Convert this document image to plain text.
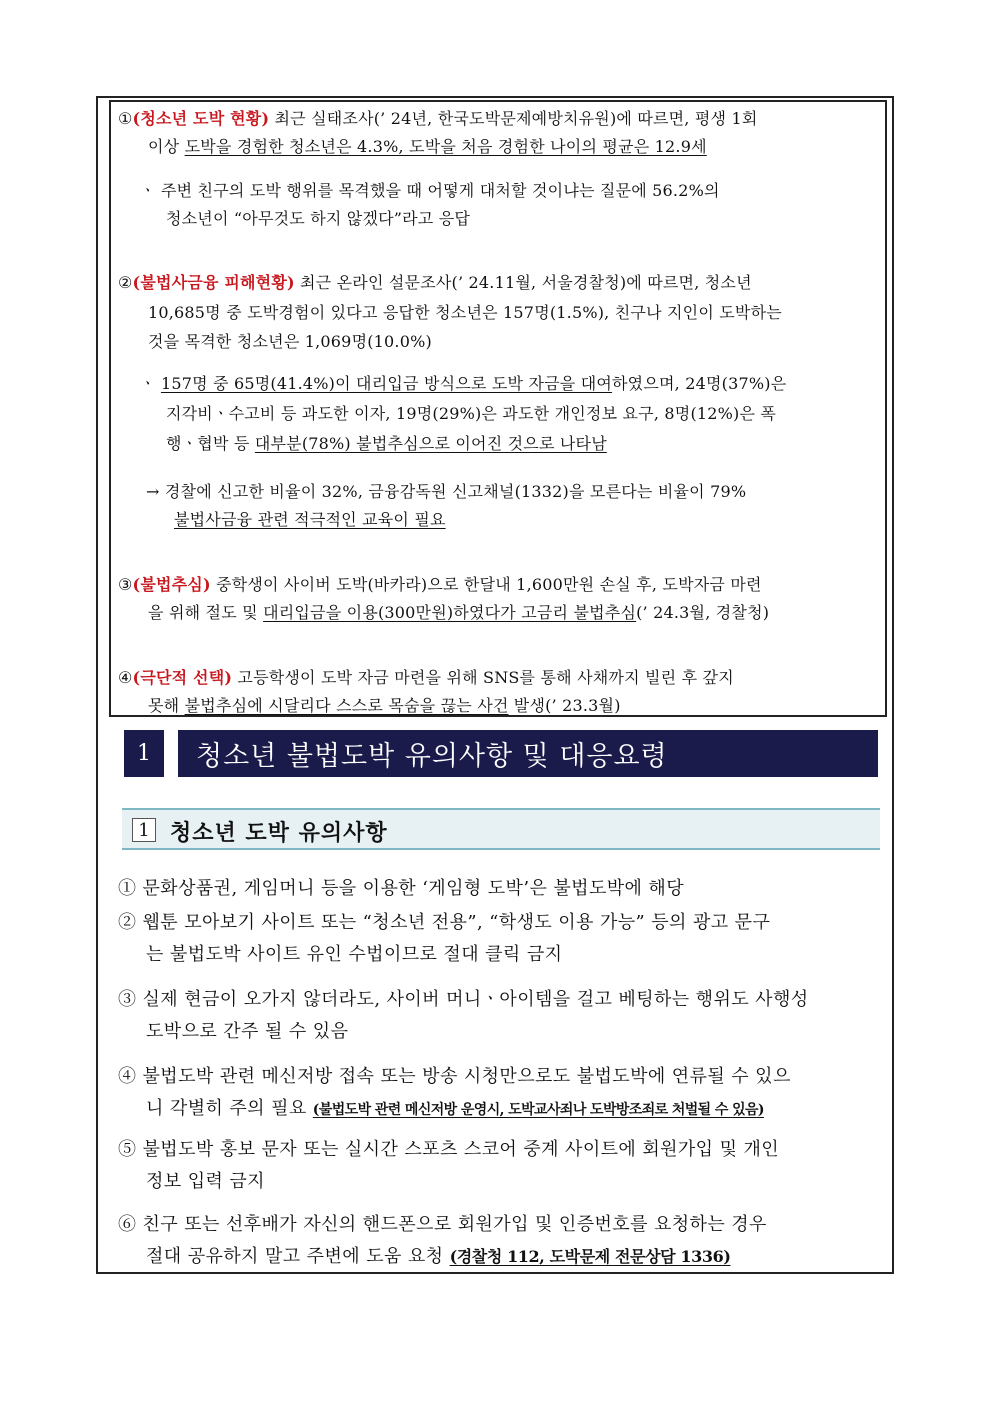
①(청소년 도박 현황) 최근 실태조사(’ 24년, 한국도박문제예방치유원)에 따르면, 평생 1회
이상 도박을 경험한 청소년은 4.3%, 도박을 처음 경험한 나이의 평균은 12.9세
ㆍ 주변 친구의 도박 행위를 목격했을 때 어떻게 대처할 것이냐는 질문에 56.2%의
청소년이 “아무것도 하지 않겠다”라고 응답
②(불법사금융 피해현황) 최근 온라인 설문조사(’ 24.11월, 서울경찰청)에 따르면, 청소년
10,685명 중 도박경험이 있다고 응답한 청소년은 157명(1.5%), 친구나 지인이 도박하는
것을 목격한 청소년은 1,069명(10.0%)
ㆍ 157명 중 65명(41.4%)이 대리입금 방식으로 도박 자금을 대여하였으며, 24명(37%)은
지각비ㆍ수고비 등 과도한 이자, 19명(29%)은 과도한 개인정보 요구, 8명(12%)은 폭
행ㆍ협박 등 대부분(78%) 불법추심으로 이어진 것으로 나타남
→ 경찰에 신고한 비율이 32%, 금융감독원 신고채널(1332)을 모른다는 비율이 79%
불법사금융 관련 적극적인 교육이 필요
③(불법추심) 중학생이 사이버 도박(바카라)으로 한달내 1,600만원 손실 후, 도박자금 마련
을 위해 절도 및 대리입금을 이용(300만원)하였다가 고금리 불법추심(’ 24.3월, 경찰청)
④(극단적 선택) 고등학생이 도박 자금 마련을 위해 SNS를 통해 사채까지 빌린 후 갚지
못해 불법추심에 시달리다 스스로 목숨을 끊는 사건 발생(’ 23.3월)
1	청소년 불법도박 유의사항 및 대응요령
1 청소년 도박 유의사항
① 문화상품권, 게임머니 등을 이용한 ‘게임형 도박’은 불법도박에 해당
② 웹툰 모아보기 사이트 또는 “청소년 전용”, “학생도 이용 가능” 등의 광고 문구
는 불법도박 사이트 유인 수법이므로 절대 클릭 금지
③ 실제 현금이 오가지 않더라도, 사이버 머니ㆍ아이템을 걸고 베팅하는 행위도 사행성
도박으로 간주 될 수 있음
④ 불법도박 관련 메신저방 접속 또는 방송 시청만으로도 불법도박에 연류될 수 있으
니 각별히 주의 필요 (불법도박 관련 메신저방 운영시, 도박교사죄나 도박방조죄로 처벌될 수 있음)
⑤ 불법도박 홍보 문자 또는 실시간 스포츠 스코어 중계 사이트에 회원가입 및 개인
정보 입력 금지
⑥ 친구 또는 선후배가 자신의 핸드폰으로 회원가입 및 인증번호를 요청하는 경우
절대 공유하지 말고 주변에 도움 요청 (경찰청 112, 도박문제 전문상담 1336)
